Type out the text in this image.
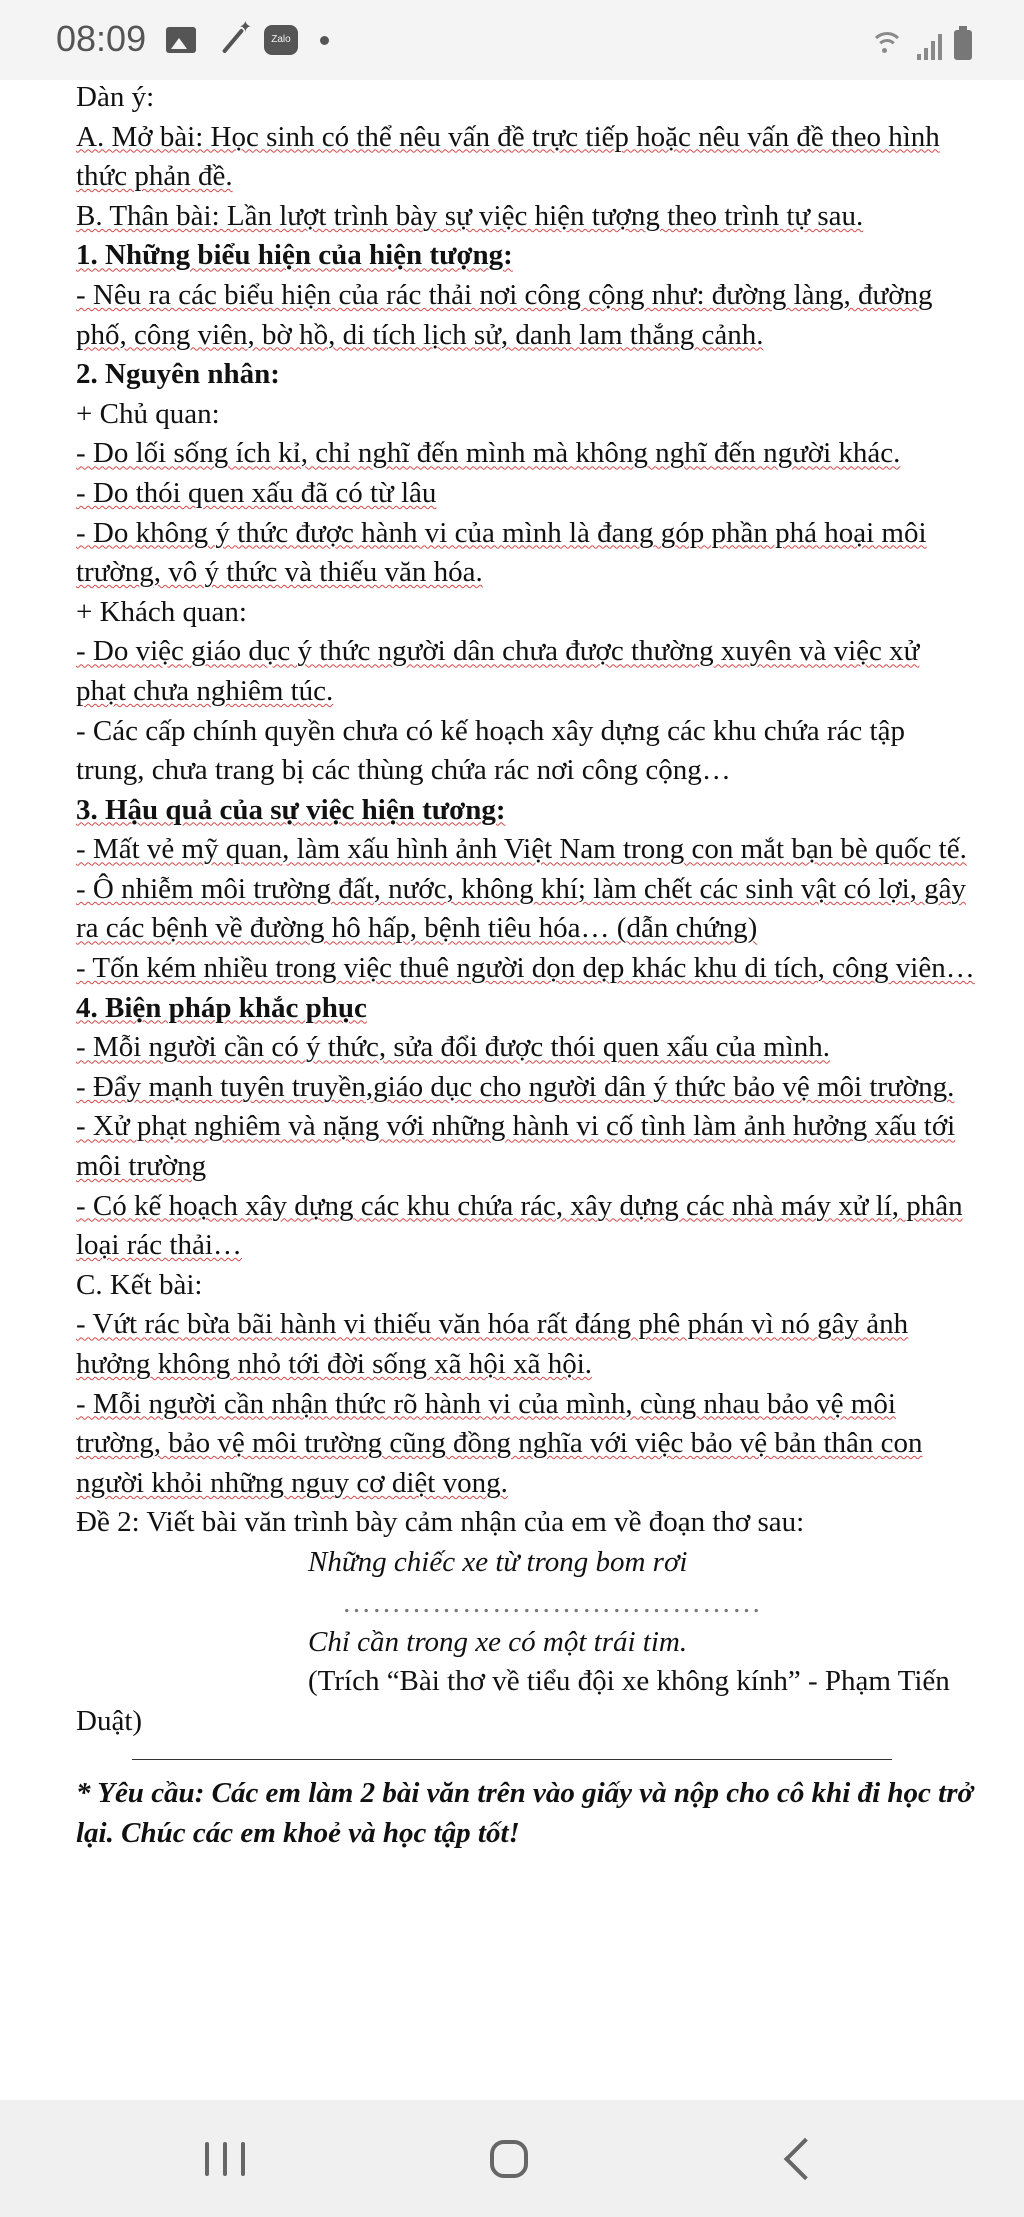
08:09
✦	Zalo
Dàn ý:
A. Mở bài: Học sinh có thể nêu vấn đề trực tiếp hoặc nêu vấn đề theo hình thức phản đề.
B. Thân bài: Lần lượt trình bày sự việc hiện tượng theo trình tự sau.
1. Những biểu hiện của hiện tượng:
- Nêu ra các biểu hiện của rác thải nơi công cộng như: đường làng, đường phố, công viên, bờ hồ, di tích lịch sử, danh lam thắng cảnh.
2. Nguyên nhân:
+ Chủ quan:
- Do lối sống ích kỉ, chỉ nghĩ đến mình mà không nghĩ đến người khác.
- Do thói quen xấu đã có từ lâu
- Do không ý thức được hành vi của mình là đang góp phần phá hoại môi trường, vô ý thức và thiếu văn hóa.
+ Khách quan:
- Do việc giáo dục ý thức người dân chưa được thường xuyên và việc xử phạt chưa nghiêm túc.
- Các cấp chính quyền chưa có kế hoạch xây dựng các khu chứa rác tập trung, chưa trang bị các thùng chứa rác nơi công cộng…
3. Hậu quả của sự việc hiện tương:
- Mất vẻ mỹ quan, làm xấu hình ảnh Việt Nam trong con mắt bạn bè quốc tế.
- Ô nhiễm môi trường đất, nước, không khí; làm chết các sinh vật có lợi, gây ra các bệnh về đường hô hấp, bệnh tiêu hóa… (dẫn chứng)
- Tốn kém nhiều trong việc thuê người dọn dẹp khác khu di tích, công viên…
4. Biện pháp khắc phục
- Mỗi người cần có ý thức, sửa đổi được thói quen xấu của mình.
- Đẩy mạnh tuyên truyền,giáo dục cho người dân ý thức bảo vệ môi trường.
- Xử phạt nghiêm và nặng với những hành vi cố tình làm ảnh hưởng xấu tới môi trường
- Có kế hoạch xây dựng các khu chứa rác, xây dựng các nhà máy xử lí, phân loại rác thải…
C. Kết bài:
- Vứt rác bừa bãi hành vi thiếu văn hóa rất đáng phê phán vì nó gây ảnh hưởng không nhỏ tới đời sống xã hội xã hội.
- Mỗi người cần nhận thức rõ hành vi của mình, cùng nhau bảo vệ môi trường, bảo vệ môi trường cũng đồng nghĩa với việc bảo vệ bản thân con người khỏi những nguy cơ diệt vong.
Đề 2: Viết bài văn trình bày cảm nhận của em về đoạn thơ sau:
Những chiếc xe từ trong bom rơi
……………………………………
Chỉ cần trong xe có một trái tim.
(Trích “Bài thơ về tiểu đội xe không kính” - Phạm Tiến Duật)
* Yêu cầu: Các em làm 2 bài văn trên vào giấy và nộp cho cô khi đi học trở lại. Chúc các em khoẻ và học tập tốt!
